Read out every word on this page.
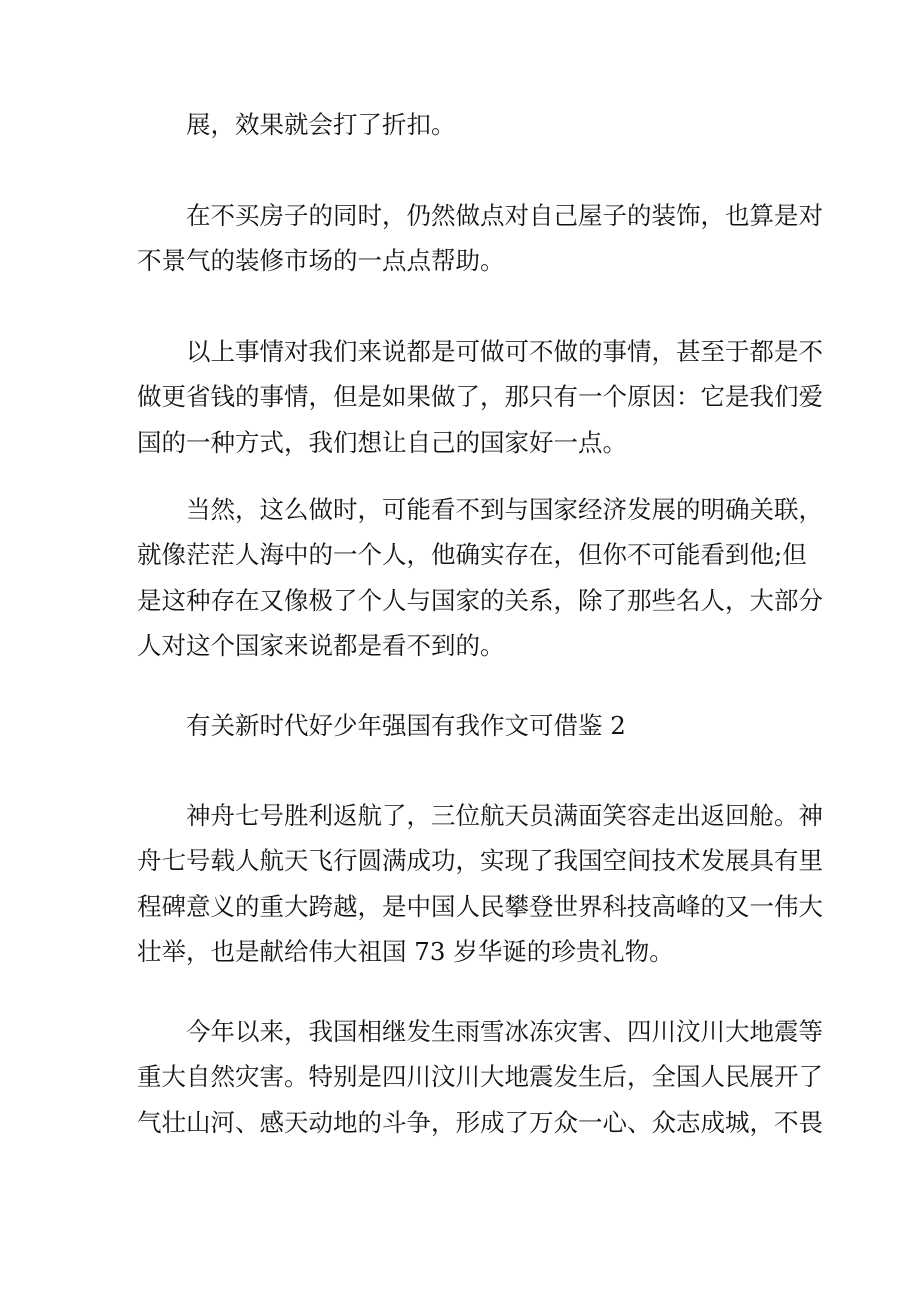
展，效果就会打了折扣。
在不买房子的同时，仍然做点对自己屋子的装饰，也算是对
不景气的装修市场的一点点帮助。
以上事情对我们来说都是可做可不做的事情，甚至于都是不
做更省钱的事情，但是如果做了，那只有一个原因：它是我们爱
国的一种方式，我们想让自己的国家好一点。
当然，这么做时，可能看不到与国家经济发展的明确关联，
就像茫茫人海中的一个人，他确实存在，但你不可能看到他;但
是这种存在又像极了个人与国家的关系，除了那些名人，大部分
人对这个国家来说都是看不到的。
有关新时代好少年强国有我作文可借鉴 2
神舟七号胜利返航了，三位航天员满面笑容走出返回舱。神
舟七号载人航天飞行圆满成功，实现了我国空间技术发展具有里
程碑意义的重大跨越，是中国人民攀登世界科技高峰的又一伟大
壮举，也是献给伟大祖国 73 岁华诞的珍贵礼物。
今年以来，我国相继发生雨雪冰冻灾害、四川汶川大地震等
重大自然灾害。特别是四川汶川大地震发生后，全国人民展开了
气壮山河、感天动地的斗争，形成了万众一心、众志成城，不畏
